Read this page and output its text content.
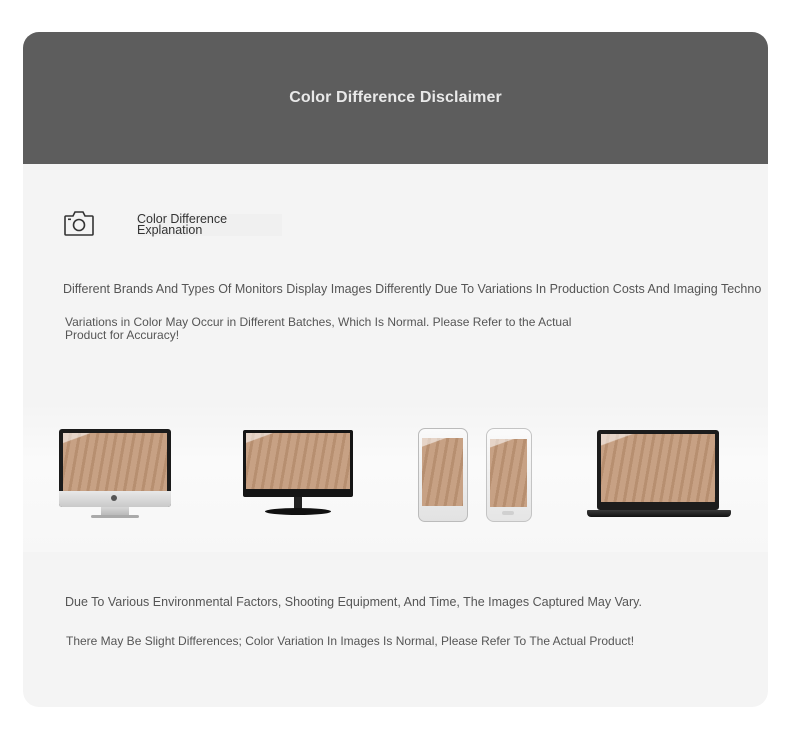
Color Difference Disclaimer
Color Difference
Explanation
Different Brands And Types Of Monitors Display Images Differently Due To Variations In Production Costs And Imaging Techno
Variations in Color May Occur in Different Batches, Which Is Normal. Please Refer to the Actual Product for Accuracy!
Due To Various Environmental Factors, Shooting Equipment, And Time, The Images Captured May Vary.
There May Be Slight Differences; Color Variation In Images Is Normal, Please Refer To The Actual Product!
